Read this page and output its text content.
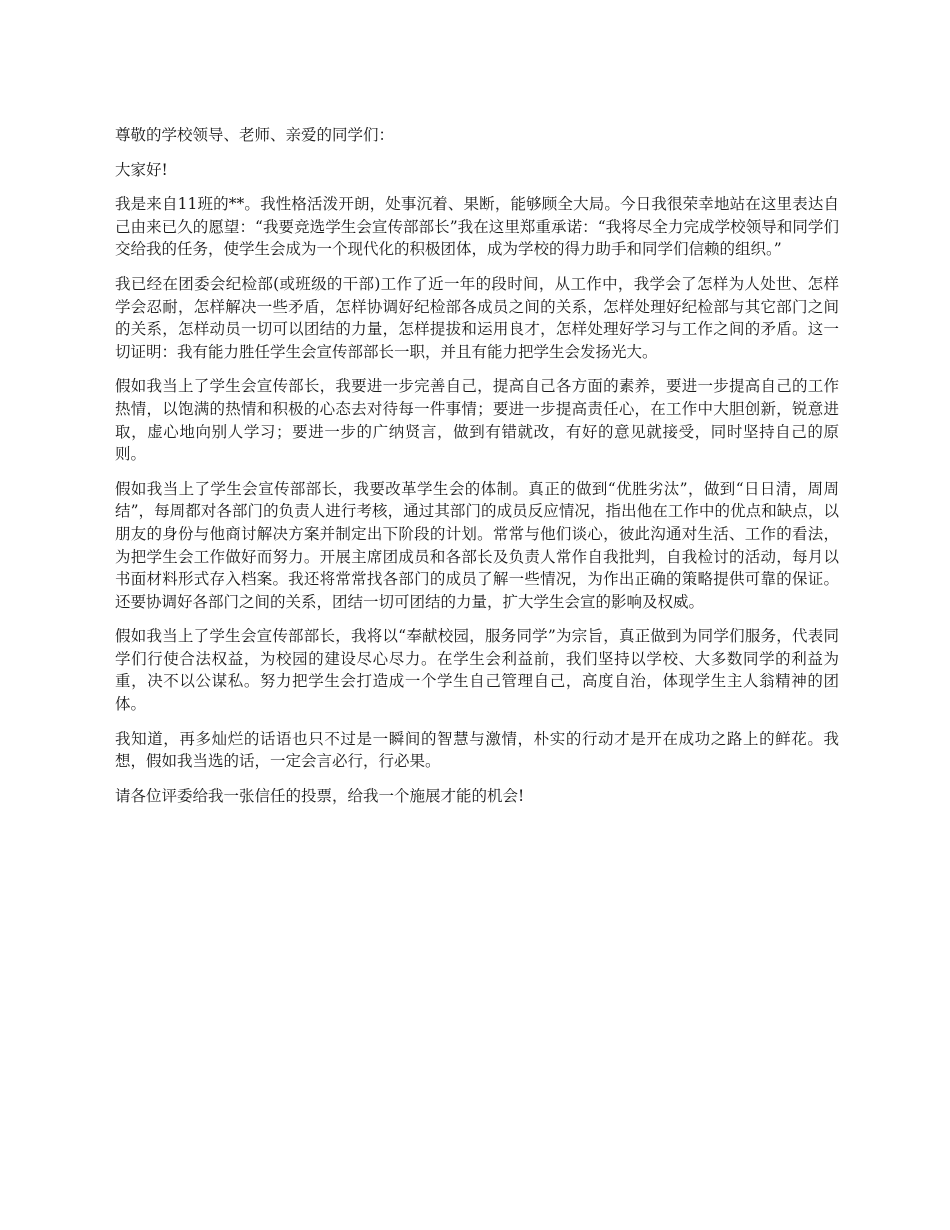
尊敬的学校领导、老师、亲爱的同学们：

大家好!

我是来自11班的**。我性格活泼开朗，处事沉着、果断，能够顾全大局。今日我很荣幸地站在这里表达自己由来已久的愿望：“我要竞选学生会宣传部部长”我在这里郑重承诺：“我将尽全力完成学校领导和同学们交给我的任务，使学生会成为一个现代化的积极团体，成为学校的得力助手和同学们信赖的组织。”

我已经在团委会纪检部(或班级的干部)工作了近一年的段时间，从工作中，我学会了怎样为人处世、怎样学会忍耐，怎样解决一些矛盾，怎样协调好纪检部各成员之间的关系，怎样处理好纪检部与其它部门之间的关系，怎样动员一切可以团结的力量，怎样提拔和运用良才，怎样处理好学习与工作之间的矛盾。这一切证明：我有能力胜任学生会宣传部部长一职，并且有能力把学生会发扬光大。

假如我当上了学生会宣传部长，我要进一步完善自己，提高自己各方面的素养，要进一步提高自己的工作热情，以饱满的热情和积极的心态去对待每一件事情；要进一步提高责任心，在工作中大胆创新，锐意进取，虚心地向别人学习；要进一步的广纳贤言，做到有错就改，有好的意见就接受，同时坚持自己的原则。

假如我当上了学生会宣传部部长，我要改革学生会的体制。真正的做到“优胜劣汰”，做到“日日清，周周结”，每周都对各部门的负责人进行考核，通过其部门的成员反应情况，指出他在工作中的优点和缺点，以朋友的身份与他商讨解决方案并制定出下阶段的计划。常常与他们谈心，彼此沟通对生活、工作的看法，为把学生会工作做好而努力。开展主席团成员和各部长及负责人常作自我批判，自我检讨的活动，每月以书面材料形式存入档案。我还将常常找各部门的成员了解一些情况，为作出正确的策略提供可靠的保证。还要协调好各部门之间的关系，团结一切可团结的力量，扩大学生会宣的影响及权威。

假如我当上了学生会宣传部部长，我将以“奉献校园，服务同学”为宗旨，真正做到为同学们服务，代表同学们行使合法权益，为校园的建设尽心尽力。在学生会利益前，我们坚持以学校、大多数同学的利益为重，决不以公谋私。努力把学生会打造成一个学生自己管理自己，高度自治，体现学生主人翁精神的团体。

我知道，再多灿烂的话语也只不过是一瞬间的智慧与激情，朴实的行动才是开在成功之路上的鲜花。我想，假如我当选的话，一定会言必行，行必果。

请各位评委给我一张信任的投票，给我一个施展才能的机会!
